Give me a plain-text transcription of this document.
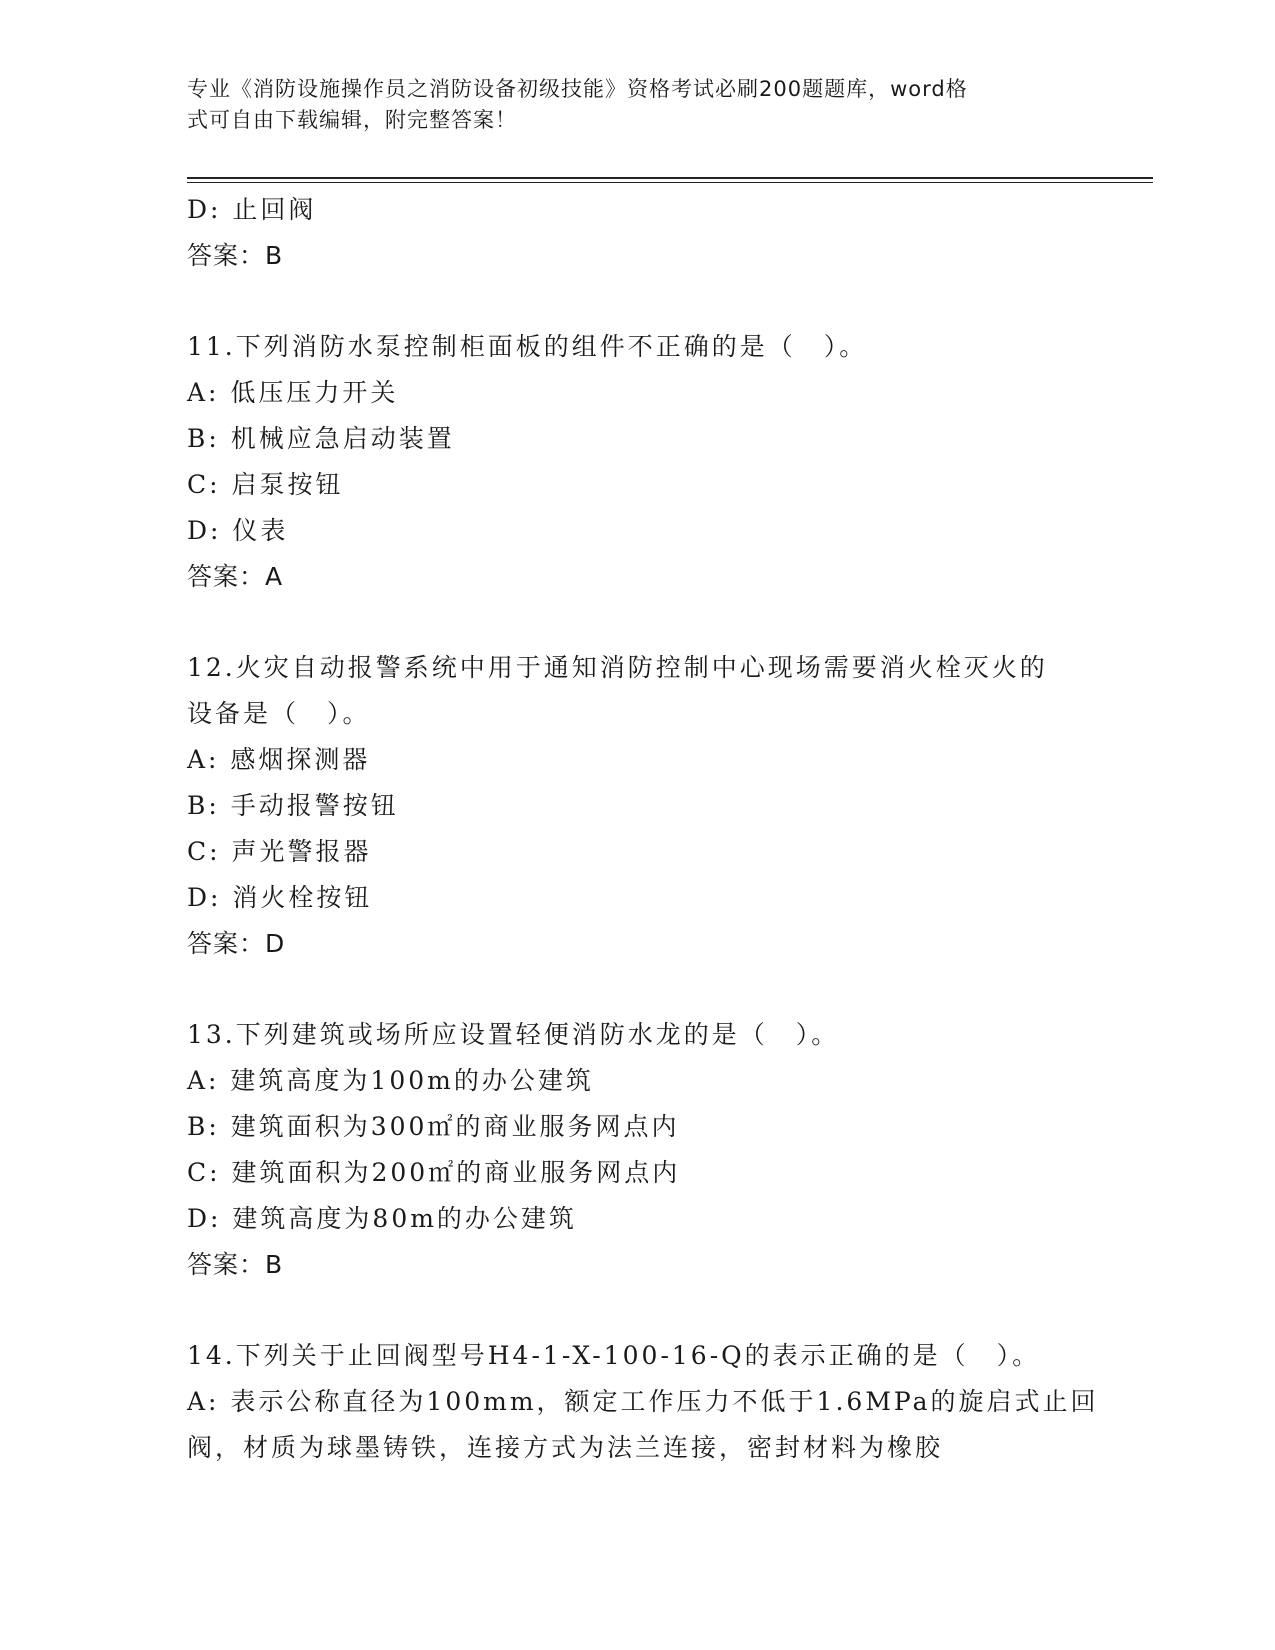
专业《消防设施操作员之消防设备初级技能》资格考试必刷200题题库，word格
式可自由下载编辑，附完整答案！
D: 止回阀
答案：B
11.下列消防水泵控制柜面板的组件不正确的是（　）。
A: 低压压力开关
B: 机械应急启动装置
C: 启泵按钮
D: 仪表
答案：A
12.火灾自动报警系统中用于通知消防控制中心现场需要消火栓灭火的
设备是（　）。
A: 感烟探测器
B: 手动报警按钮
C: 声光警报器
D: 消火栓按钮
答案：D
13.下列建筑或场所应设置轻便消防水龙的是（　）。
A: 建筑高度为100m的办公建筑
B: 建筑面积为300㎡的商业服务网点内
C: 建筑面积为200㎡的商业服务网点内
D: 建筑高度为80m的办公建筑
答案：B
14.下列关于止回阀型号H4-1-X-100-16-Q的表示正确的是（　）。
A: 表示公称直径为100mm，额定工作压力不低于1.6MPa的旋启式止回
阀，材质为球墨铸铁，连接方式为法兰连接，密封材料为橡胶
